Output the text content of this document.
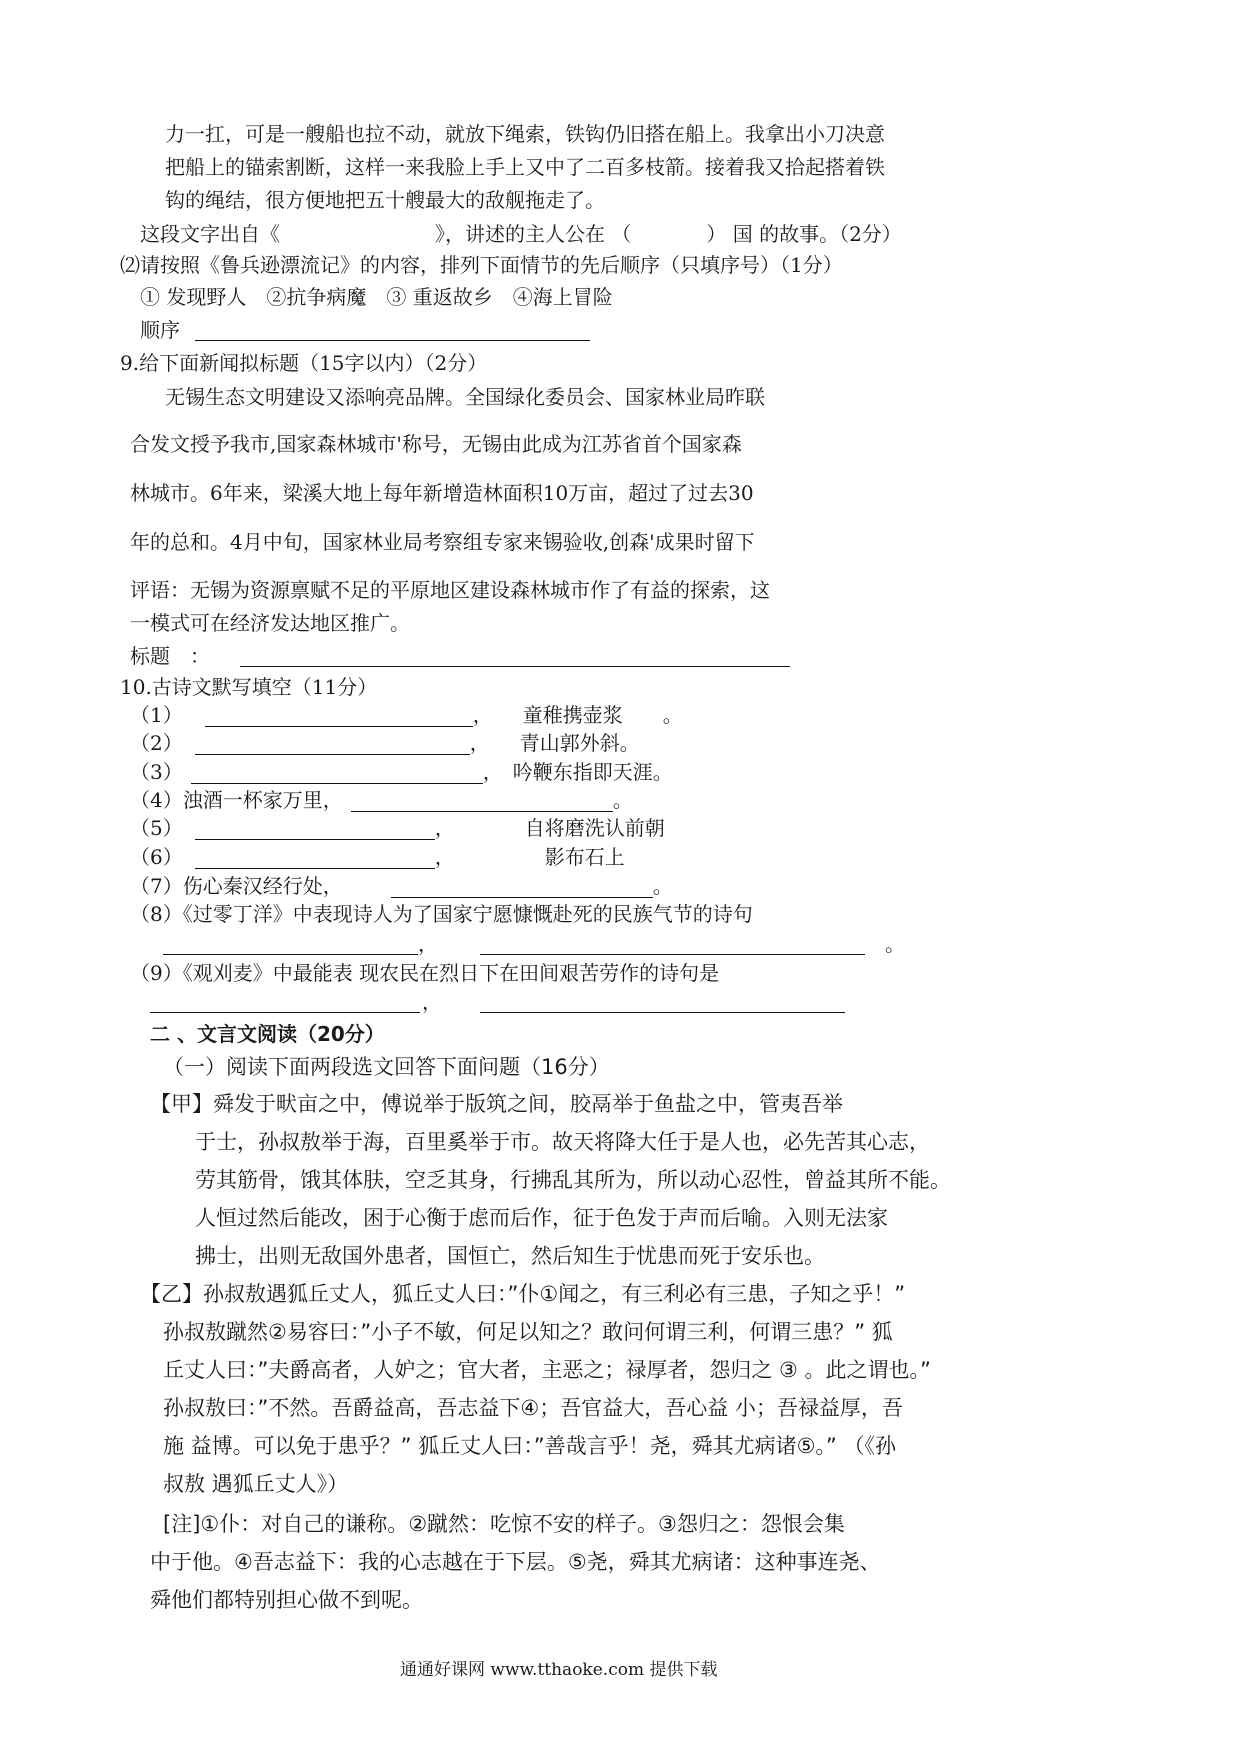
力一扛，可是一艘船也拉不动，就放下绳索，铁钩仍旧搭在船上。我拿出小刀决意
把船上的锚索割断，这样一来我脸上手上又中了二百多枝箭。接着我又拾起搭着铁
钩的绳结，很方便地把五十艘最大的敌舰拖走了。
这段文字出自《	》，讲述的主人公在 （	） 国 的故事。（2分）
⑵请按照《鲁兵逊漂流记》的内容，排列下面情节的先后顺序（只填序号）（1分）
① 发现野人　②抗争病魔　③ 重返故乡　④海上冒险
顺序
9.给下面新闻拟标题（15字以内）（2分）
无锡生态文明建设又添响亮品牌。全国绿化委员会、国家林业局昨联
合发文授予我市,国家森林城市'称号，无锡由此成为江苏省首个国家森
林城市。6年来，梁溪大地上每年新增造林面积10万亩，超过了过去30
年的总和。4月中旬，国家林业局考察组专家来锡验收,创森'成果时留下
评语：无锡为资源禀赋不足的平原地区建设森林城市作了有益的探索，这
一模式可在经济发达地区推广。
标题　：
10.古诗文默写填空（11分）
（1）	，　　童稚携壶浆　　。
（2）	，　　青山郭外斜。
（3）	，　吟鞭东指即天涯。
（4）浊酒一杯家万里，	。
（5）	，　　　　自将磨洗认前朝
（6）	，　　　　　影布石上
（7）伤心秦汉经行处，	。
（8）《过零丁洋》中表现诗人为了国家宁愿慷慨赴死的民族气节的诗句
，	。
（9）《观刈麦》中最能表 现农民在烈日下在田间艰苦劳作的诗句是
，
二 、文言文阅读（20分）
（一）阅读下面两段选文回答下面问题（16分）
【甲】舜发于畎亩之中，傅说举于版筑之间，胶鬲举于鱼盐之中，管夷吾举
于士，孙叔敖举于海，百里奚举于市。故天将降大任于是人也，必先苦其心志，
劳其筋骨，饿其体肤，空乏其身，行拂乱其所为，所以动心忍性，曾益其所不能。
人恒过然后能改，困于心衡于虑而后作，征于色发于声而后喻。入则无法家
拂士，出则无敌国外患者，国恒亡，然后知生于忧患而死于安乐也。
【乙】孙叔敖遇狐丘丈人，狐丘丈人曰：”仆①闻之，有三利必有三患，子知之乎！”
孙叔敖蹴然②易容曰：”小子不敏，何足以知之？敢问何谓三利，何谓三患？” 狐
丘丈人曰：”夫爵高者，人妒之；官大者，主恶之；禄厚者，怨归之 ③ 。此之谓也。”
孙叔敖曰：”不然。吾爵益高，吾志益下④；吾官益大，吾心益 小；吾禄益厚，吾
施 益博。可以免于患乎？” 狐丘丈人曰：”善哉言乎！尧，舜其尤病诸⑤。” （《孙
叔敖 遇狐丘丈人》）
[注]①仆：对自己的谦称。②蹴然：吃惊不安的样子。③怨归之：怨恨会集
中于他。④吾志益下：我的心志越在于下层。⑤尧，舜其尤病诸：这种事连尧、
舜他们都特别担心做不到呢。
通通好课网 www.tthaoke.com 提供下载
